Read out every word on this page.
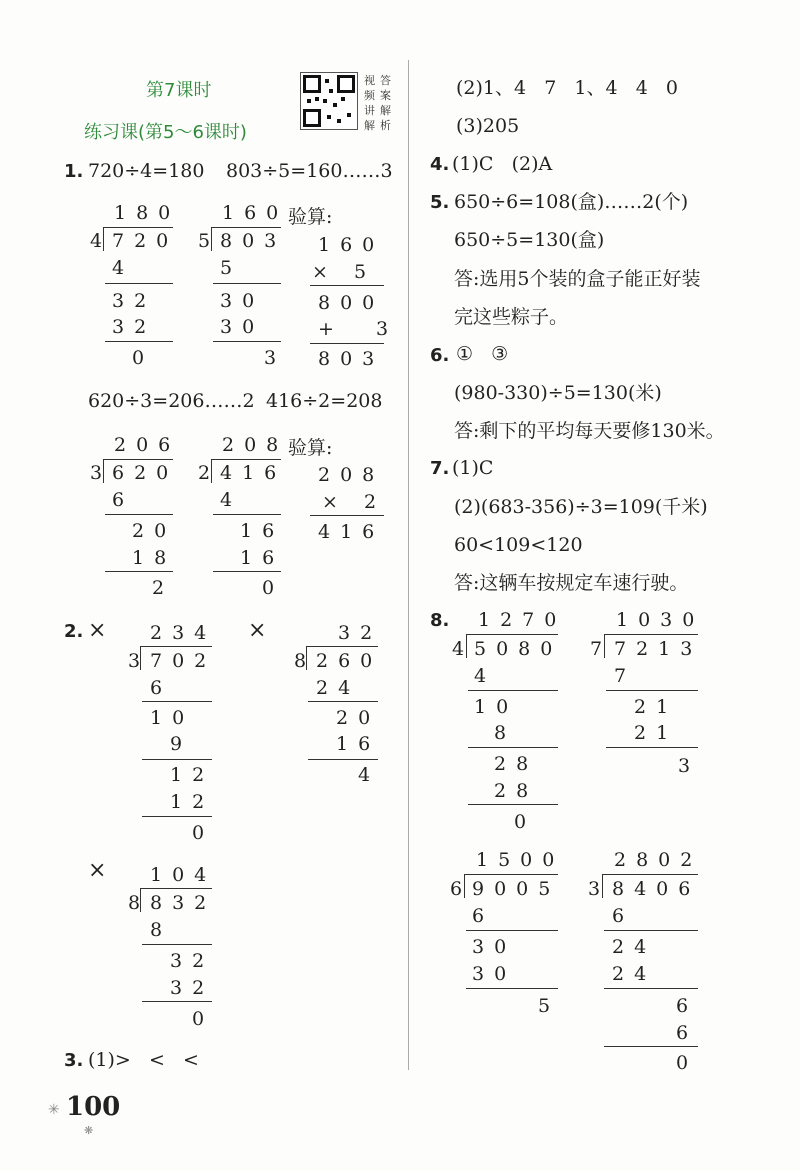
第7课时
练习课(第5～6课时)
视 答
频 案
讲 解
解 析
1. 720÷4=180 803÷5=160……3
180
4 720
4
32
32
0
160
5 803
5
30
30
3
验算:
160
× 5
800
+  3
803
620÷3=206……2 416÷2=208
206
3 620
6
20
18
2
208
2 416
4
16
16
0
验算:
208
× 2
416
2. × 234
3 702
6
10
9
12
12
0
×	32
8 260
24
20
16
4
× 104
8 832
8
32
32
0
3. (1)>   <   <
(2)1、4   7   1、4   4   0
(3)205
4. (1)C   (2)A
5. 650÷6=108(盒)……2(个)
650÷5=130(盒)
答:选用5个装的盒子能正好装
完这些粽子。
6. ①   ③
(980-330)÷5=130(米)
答:剩下的平均每天要修130米。
7. (1)C
(2)(683-356)÷3=109(千米)
60<109<120
答:这辆车按规定车速行驶。
8. 1270
4 5080
4
10
8
28
28
0
1030
7 7213
7
21
21
3
1500
6 9005
6
30
30
5
2802
3 8406
6
24
24
6
6
0
✳ 100
❋
